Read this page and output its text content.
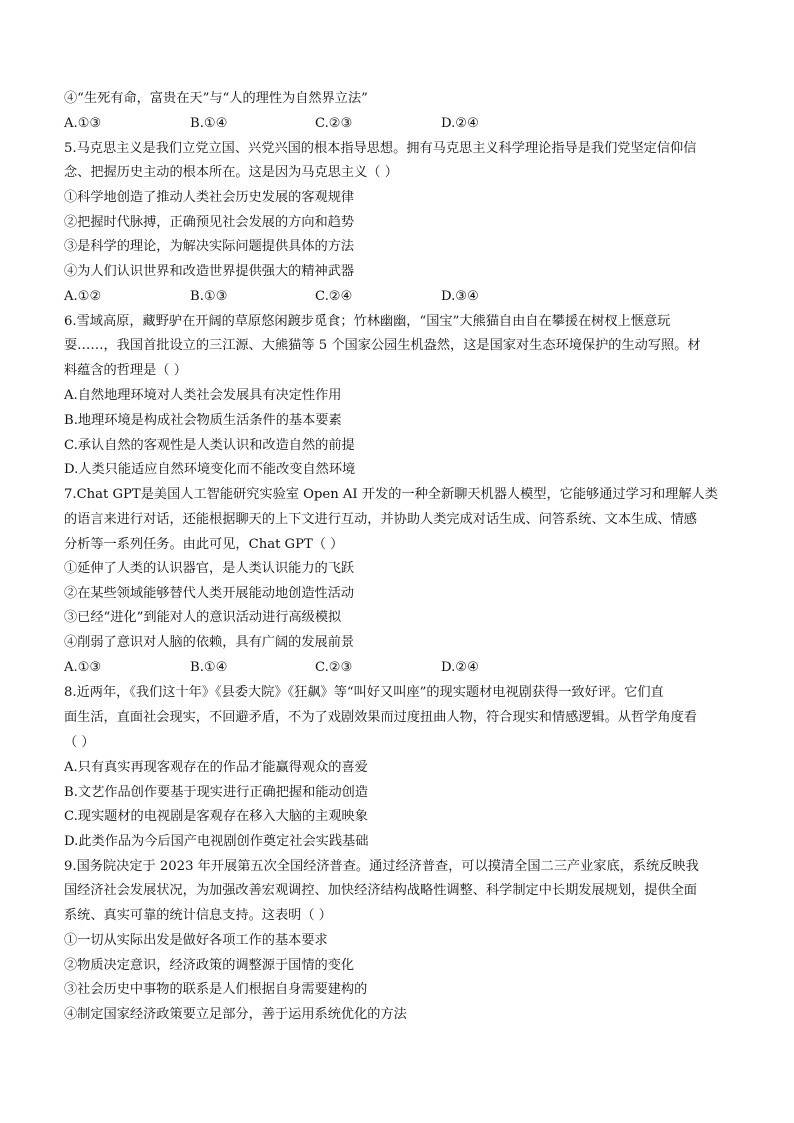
④“生死有命，富贵在天”与“人的理性为自然界立法”
A.①③	B.①④	C.②③	D.②④
5.马克思主义是我们立党立国、兴党兴国的根本指导思想。拥有马克思主义科学理论指导是我们党坚定信仰信
念、把握历史主动的根本所在。这是因为马克思主义（ ）
①科学地创造了推动人类社会历史发展的客观规律
②把握时代脉搏，正确预见社会发展的方向和趋势
③是科学的理论，为解决实际问题提供具体的方法
④为人们认识世界和改造世界提供强大的精神武器
A.①②	B.①③	C.②④	D.③④
6.雪域高原，藏野驴在开阔的草原悠闲踱步觅食；竹林幽幽，“国宝”大熊猫自由自在攀援在树杈上惬意玩
耍……，我国首批设立的三江源、大熊猫等 5 个国家公园生机盎然，这是国家对生态环境保护的生动写照。材
料蕴含的哲理是（ ）
A.自然地理环境对人类社会发展具有决定性作用
B.地理环境是构成社会物质生活条件的基本要素
C.承认自然的客观性是人类认识和改造自然的前提
D.人类只能适应自然环境变化而不能改变自然环境
7.Chat GPT是美国人工智能研究实验室 Open AI 开发的一种全新聊天机器人模型，它能够通过学习和理解人类
的语言来进行对话，还能根据聊天的上下文进行互动，并协助人类完成对话生成、问答系统、文本生成、情感
分析等一系列任务。由此可见，Chat GPT（ ）
①延伸了人类的认识器官，是人类认识能力的飞跃
②在某些领域能够替代人类开展能动地创造性活动
③已经“进化”到能对人的意识活动进行高级模拟
④削弱了意识对人脑的依赖，具有广阔的发展前景
A.①③	B.①④	C.②③	D.②④
8.近两年，《我们这十年》《县委大院》《狂飙》等“叫好又叫座”的现实题材电视剧获得一致好评。它们直
面生活，直面社会现实，不回避矛盾，不为了戏剧效果而过度扭曲人物，符合现实和情感逻辑。从哲学角度看
（ ）
A.只有真实再现客观存在的作品才能赢得观众的喜爱
B.文艺作品创作要基于现实进行正确把握和能动创造
C.现实题材的电视剧是客观存在移入大脑的主观映象
D.此类作品为今后国产电视剧创作奠定社会实践基础
9.国务院决定于 2023 年开展第五次全国经济普查。通过经济普查，可以摸清全国二三产业家底，系统反映我
国经济社会发展状况，为加强改善宏观调控、加快经济结构战略性调整、科学制定中长期发展规划，提供全面
系统、真实可靠的统计信息支持。这表明（ ）
①一切从实际出发是做好各项工作的基本要求
②物质决定意识，经济政策的调整源于国情的变化
③社会历史中事物的联系是人们根据自身需要建构的
④制定国家经济政策要立足部分，善于运用系统优化的方法
